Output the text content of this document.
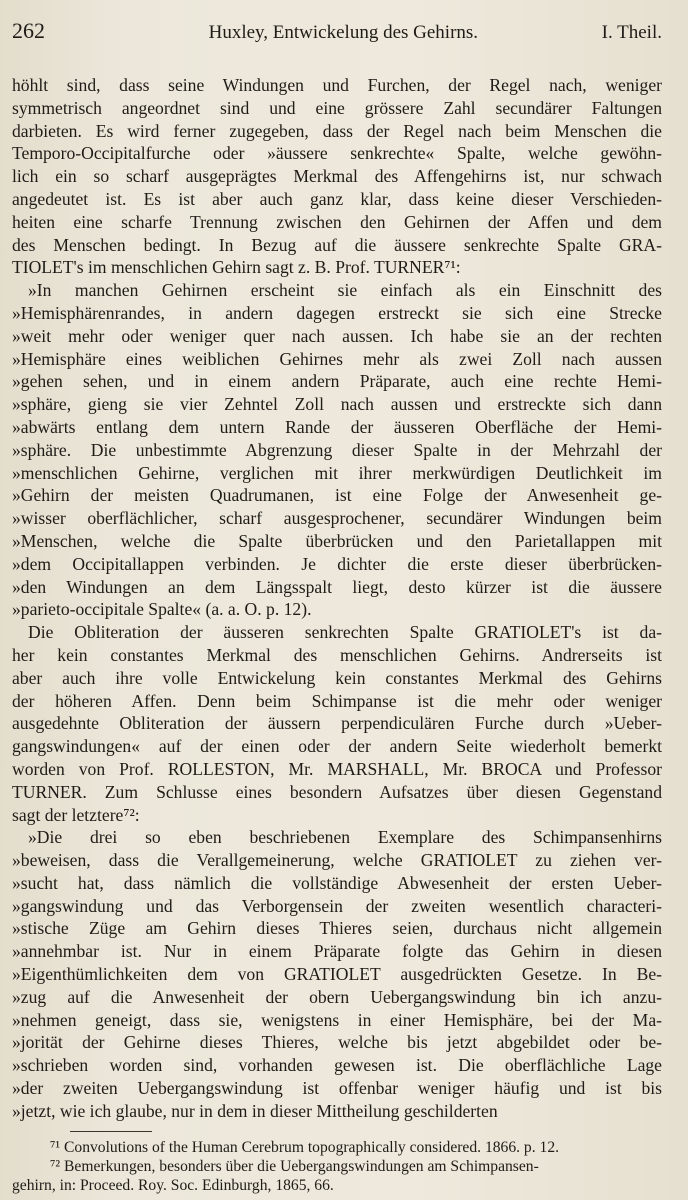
262	Huxley, Entwickelung des Gehirns.	I. Theil.
höhlt sind, dass seine Windungen und Furchen, der Regel nach, weniger
symmetrisch angeordnet sind und eine grössere Zahl secundärer Faltungen
darbieten. Es wird ferner zugegeben, dass der Regel nach beim Menschen die
Temporo-Occipitalfurche oder »äussere senkrechte« Spalte, welche gewöhn-
lich ein so scharf ausgeprägtes Merkmal des Affengehirns ist, nur schwach
angedeutet ist. Es ist aber auch ganz klar, dass keine dieser Verschieden-
heiten eine scharfe Trennung zwischen den Gehirnen der Affen und dem
des Menschen bedingt. In Bezug auf die äussere senkrechte Spalte GRA-
TIOLET's im menschlichen Gehirn sagt z. B. Prof. TURNER⁷¹:
»In manchen Gehirnen erscheint sie einfach als ein Einschnitt des
»Hemisphärenrandes, in andern dagegen erstreckt sie sich eine Strecke
»weit mehr oder weniger quer nach aussen. Ich habe sie an der rechten
»Hemisphäre eines weiblichen Gehirnes mehr als zwei Zoll nach aussen
»gehen sehen, und in einem andern Präparate, auch eine rechte Hemi-
»sphäre, gieng sie vier Zehntel Zoll nach aussen und erstreckte sich dann
»abwärts entlang dem untern Rande der äusseren Oberfläche der Hemi-
»sphäre. Die unbestimmte Abgrenzung dieser Spalte in der Mehrzahl der
»menschlichen Gehirne, verglichen mit ihrer merkwürdigen Deutlichkeit im
»Gehirn der meisten Quadrumanen, ist eine Folge der Anwesenheit ge-
»wisser oberflächlicher, scharf ausgesprochener, secundärer Windungen beim
»Menschen, welche die Spalte überbrücken und den Parietallappen mit
»dem Occipitallappen verbinden. Je dichter die erste dieser überbrücken-
»den Windungen an dem Längsspalt liegt, desto kürzer ist die äussere
»parieto-occipitale Spalte« (a. a. O. p. 12).
Die Obliteration der äusseren senkrechten Spalte GRATIOLET's ist da-
her kein constantes Merkmal des menschlichen Gehirns. Andrerseits ist
aber auch ihre volle Entwickelung kein constantes Merkmal des Gehirns
der höheren Affen. Denn beim Schimpanse ist die mehr oder weniger
ausgedehnte Obliteration der äussern perpendiculären Furche durch »Ueber-
gangswindungen« auf der einen oder der andern Seite wiederholt bemerkt
worden von Prof. ROLLESTON, Mr. MARSHALL, Mr. BROCA und Professor
TURNER. Zum Schlusse eines besondern Aufsatzes über diesen Gegenstand
sagt der letztere⁷²:
»Die drei so eben beschriebenen Exemplare des Schimpansenhirns
»beweisen, dass die Verallgemeinerung, welche GRATIOLET zu ziehen ver-
»sucht hat, dass nämlich die vollständige Abwesenheit der ersten Ueber-
»gangswindung und das Verborgensein der zweiten wesentlich characteri-
»stische Züge am Gehirn dieses Thieres seien, durchaus nicht allgemein
»annehmbar ist. Nur in einem Präparate folgte das Gehirn in diesen
»Eigenthümlichkeiten dem von GRATIOLET ausgedrückten Gesetze. In Be-
»zug auf die Anwesenheit der obern Uebergangswindung bin ich anzu-
»nehmen geneigt, dass sie, wenigstens in einer Hemisphäre, bei der Ma-
»jorität der Gehirne dieses Thieres, welche bis jetzt abgebildet oder be-
»schrieben worden sind, vorhanden gewesen ist. Die oberflächliche Lage
»der zweiten Uebergangswindung ist offenbar weniger häufig und ist bis
»jetzt, wie ich glaube, nur in dem in dieser Mittheilung geschilderten
⁷¹ Convolutions of the Human Cerebrum topographically considered. 1866. p. 12.
⁷² Bemerkungen, besonders über die Uebergangswindungen am Schimpansen-
gehirn, in: Proceed. Roy. Soc. Edinburgh, 1865, 66.
